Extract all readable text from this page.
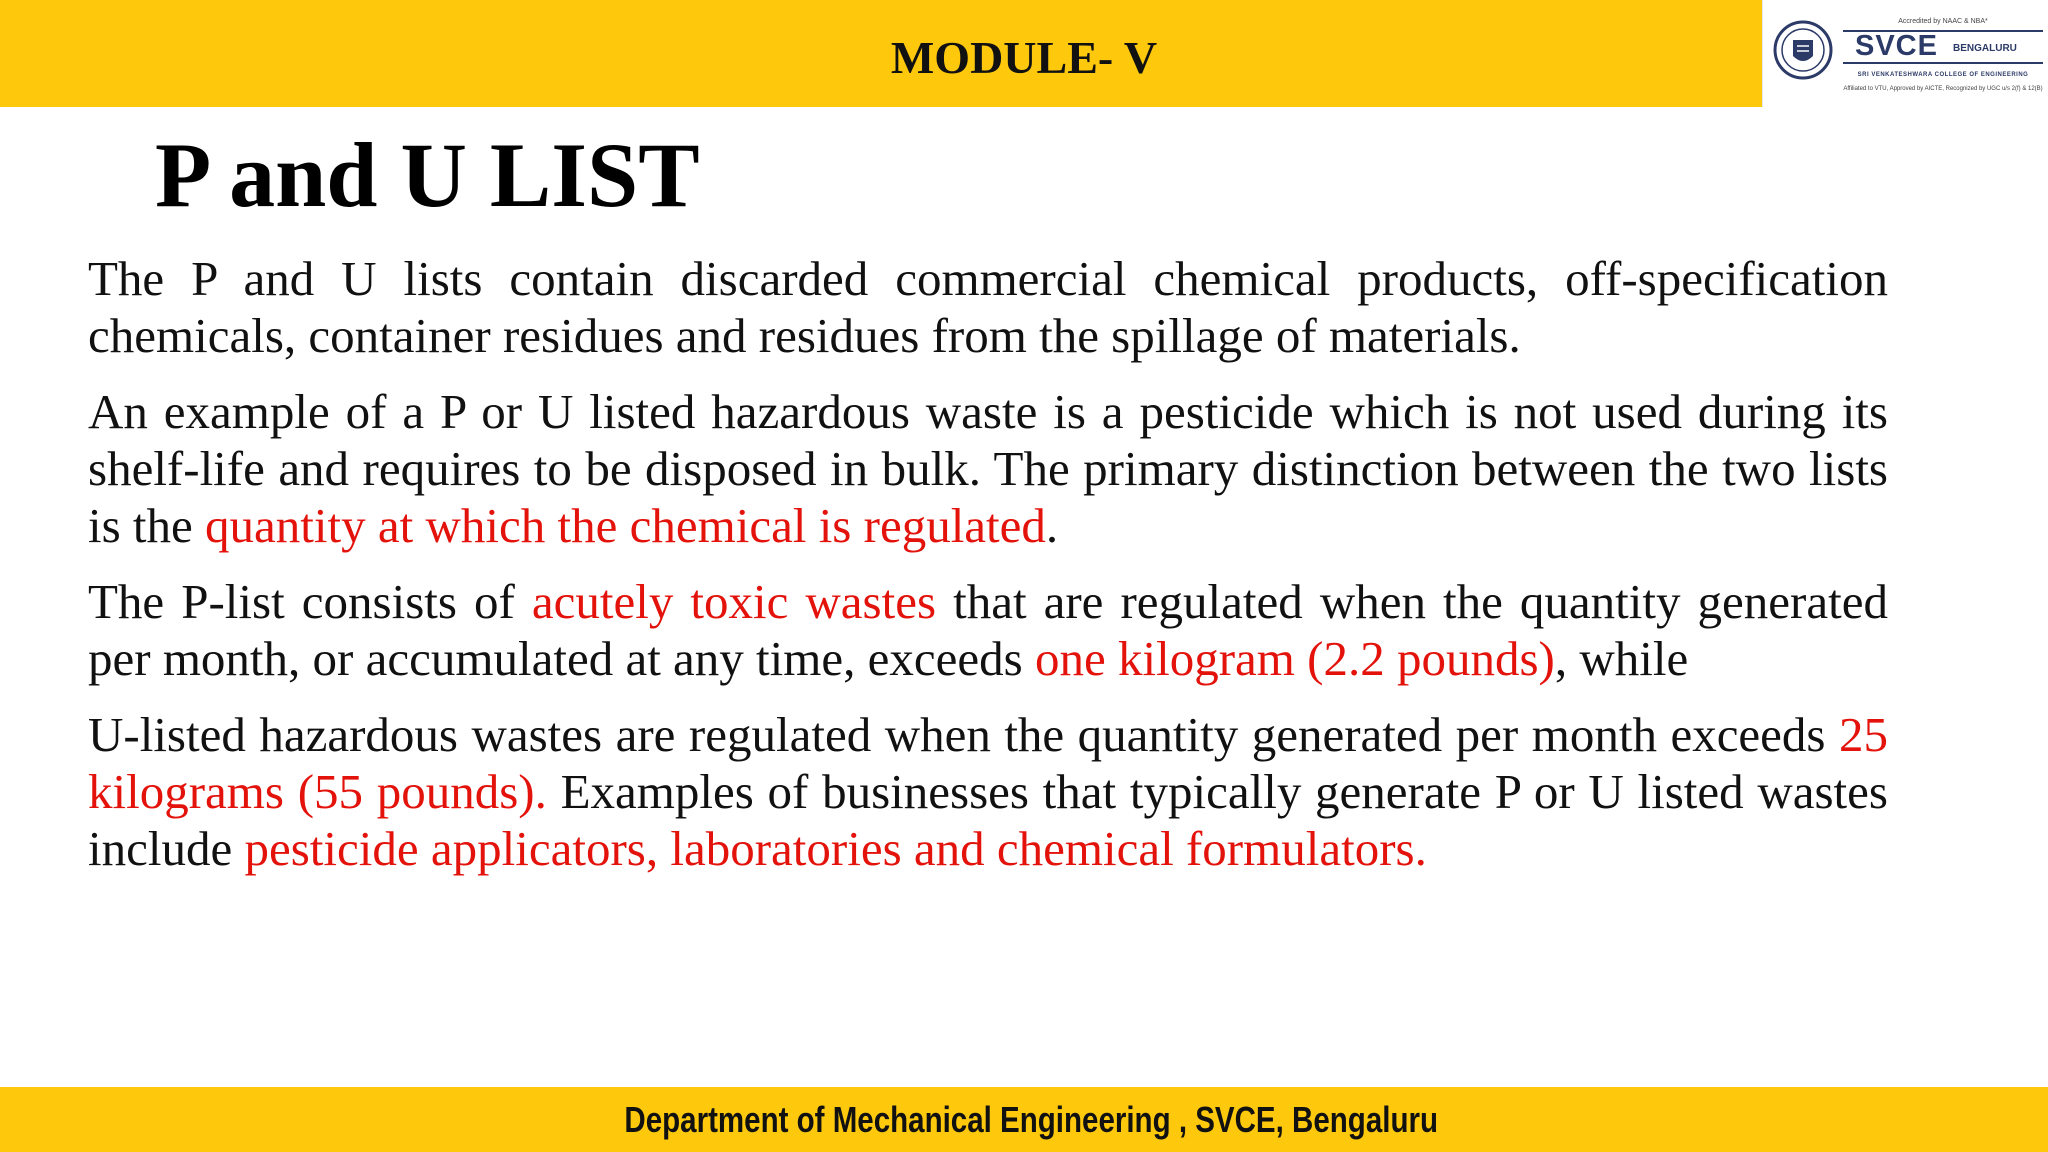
MODULE- V
Accredited by NAAC & NBA*
SVCE BENGALURU
SRI VENKATESHWARA COLLEGE OF ENGINEERING
Affiliated to VTU, Approved by AICTE, Recognized by UGC u/s 2(f) & 12(B)
P and U LIST

The P and U lists contain discarded commercial chemical products, off-specification chemicals, container residues and residues from the spillage of materials.

An example of a P or U listed hazardous waste is a pesticide which is not used during its shelf-life and requires to be disposed in bulk. The primary distinction between the two lists is the quantity at which the chemical is regulated.

The P-list consists of acutely toxic wastes that are regulated when the quantity generated per month, or accumulated at any time, exceeds one kilogram (2.2 pounds), while

U-listed hazardous wastes are regulated when the quantity generated per month exceeds 25 kilograms (55 pounds). Examples of businesses that typically generate P or U listed wastes include pesticide applicators, laboratories and chemical formulators.

Department of Mechanical Engineering , SVCE, Bengaluru
